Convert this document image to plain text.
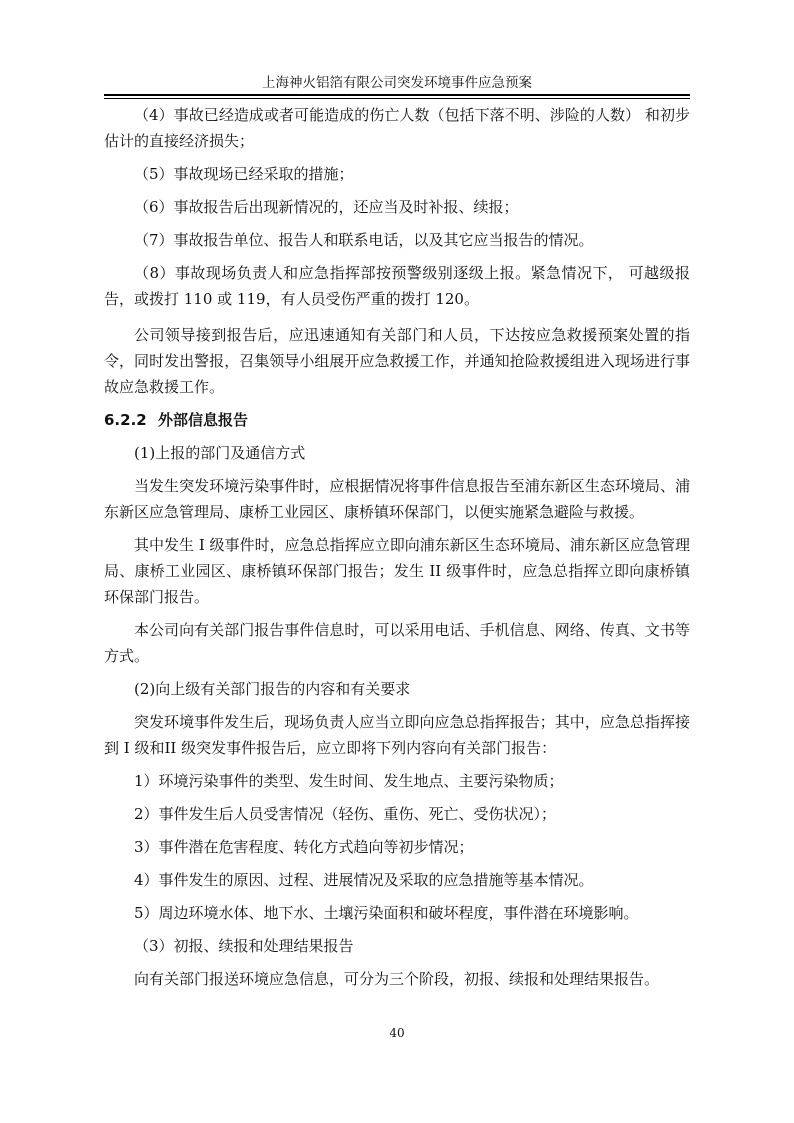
上海神火铝箔有限公司突发环境事件应急预案

（4）事故已经造成或者可能造成的伤亡人数（包括下落不明、涉险的人数） 和初步估计的直接经济损失；

（5）事故现场已经采取的措施；

（6）事故报告后出现新情况的，还应当及时补报、续报；

（7）事故报告单位、报告人和联系电话，以及其它应当报告的情况。

（8）事故现场负责人和应急指挥部按预警级别逐级上报。紧急情况下， 可越级报告，或拨打 110 或 119，有人员受伤严重的拨打 120。

公司领导接到报告后，应迅速通知有关部门和人员，下达按应急救援预案处置的指令，同时发出警报，召集领导小组展开应急救援工作，并通知抢险救援组进入现场进行事故应急救援工作。

6.2.2 外部信息报告

(1)上报的部门及通信方式

当发生突发环境污染事件时，应根据情况将事件信息报告至浦东新区生态环境局、浦东新区应急管理局、康桥工业园区、康桥镇环保部门，以便实施紧急避险与救援。

其中发生 I 级事件时，应急总指挥应立即向浦东新区生态环境局、浦东新区应急管理局、康桥工业园区、康桥镇环保部门报告；发生 II 级事件时，应急总指挥立即向康桥镇环保部门报告。

本公司向有关部门报告事件信息时，可以采用电话、手机信息、网络、传真、文书等方式。

(2)向上级有关部门报告的内容和有关要求

突发环境事件发生后，现场负责人应当立即向应急总指挥报告；其中，应急总指挥接到 I 级和II 级突发事件报告后，应立即将下列内容向有关部门报告：

1）环境污染事件的类型、发生时间、发生地点、主要污染物质；

2）事件发生后人员受害情况（轻伤、重伤、死亡、受伤状况）；

3）事件潜在危害程度、转化方式趋向等初步情况；

4）事件发生的原因、过程、进展情况及采取的应急措施等基本情况。

5）周边环境水体、地下水、土壤污染面积和破坏程度，事件潜在环境影响。

（3）初报、续报和处理结果报告

向有关部门报送环境应急信息，可分为三个阶段，初报、续报和处理结果报告。

40
